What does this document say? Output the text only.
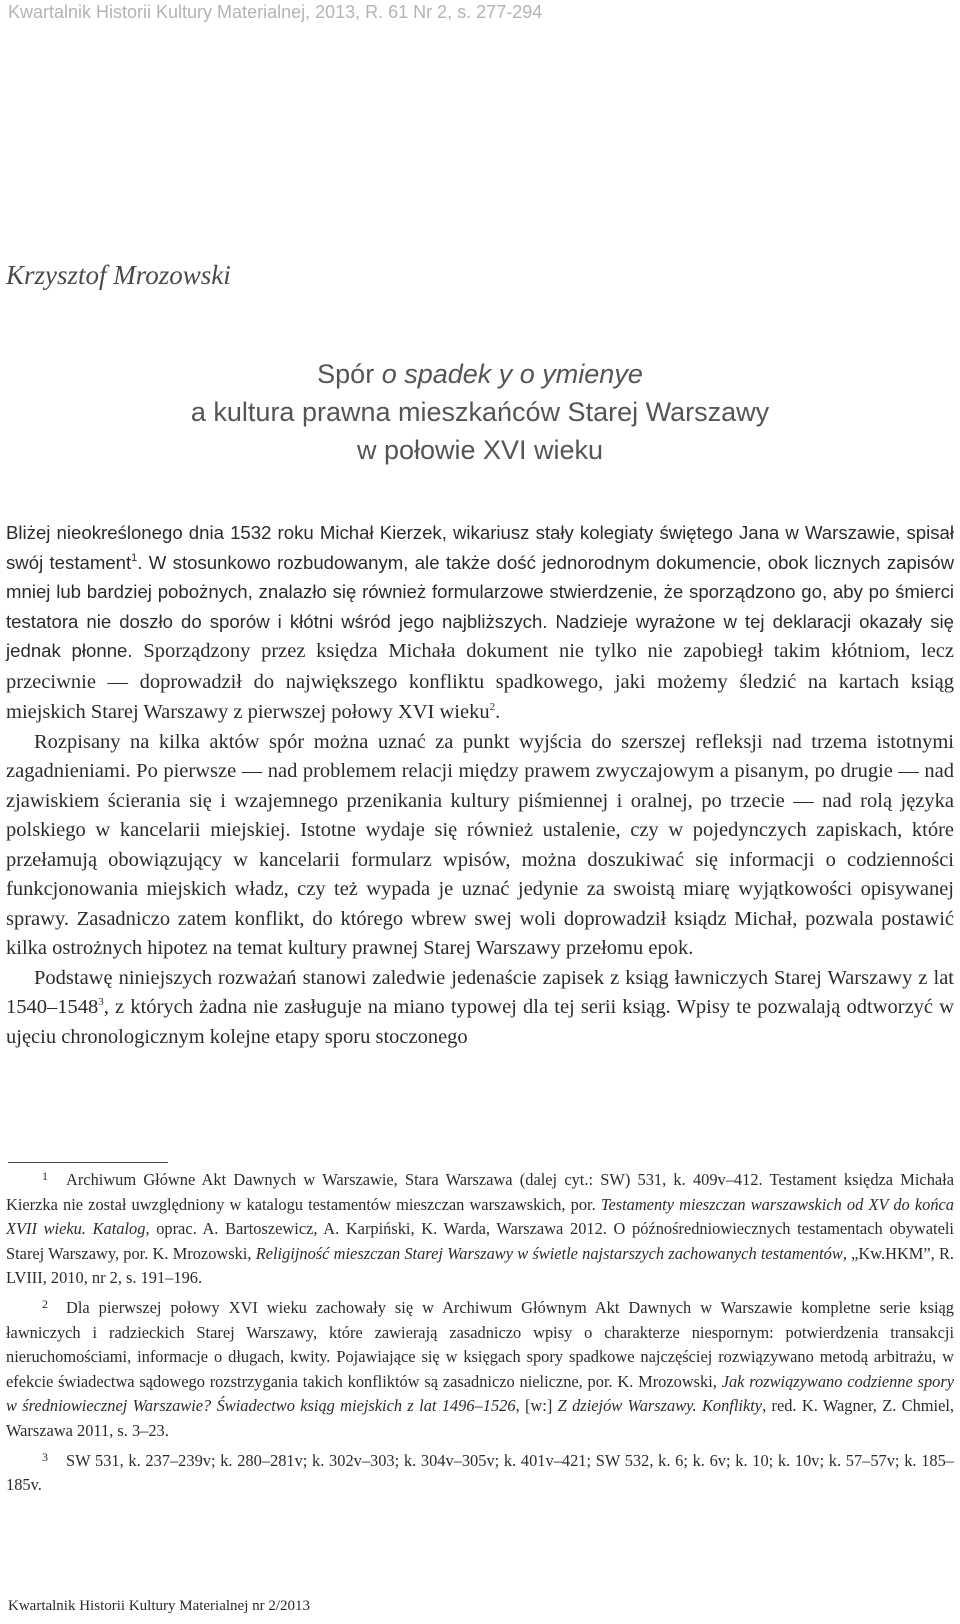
Kwartalnik Historii Kultury Materialnej, 2013, R. 61 Nr 2, s. 277-294
Krzysztof Mrozowski
Spór o spadek y o ymienye
a kultura prawna mieszkańców Starej Warszawy
w połowie XVI wieku

Bliżej nieokreślonego dnia 1532 roku Michał Kierzek, wikariusz stały kolegiaty świętego Jana w Warszawie, spisał swój testament$^1$. W stosunkowo rozbudowanym, ale także dość jednorodnym dokumencie, obok licznych zapisów mniej lub bardziej pobożnych, znalazło się również formularzowe stwierdzenie, że sporządzono go, aby po śmierci testatora nie doszło do sporów i kłótni wśród jego najbliższych. Nadzieje wyrażone w tej deklaracji okazały się jednak płonne. Sporządzony przez księdza Michała dokument nie tylko nie zapobiegł takim kłótniom, lecz przeciwnie — doprowadził do największego konfliktu spadkowego, jaki możemy śledzić na kartach ksiąg miejskich Starej Warszawy z pierwszej połowy XVI wieku$^2$.

Rozpisany na kilka aktów spór można uznać za punkt wyjścia do szerszej refleksji nad trzema istotnymi zagadnieniami. Po pierwsze — nad problemem relacji między prawem zwyczajowym a pisanym, po drugie — nad zjawiskiem ścierania się i wzajemnego przenikania kultury piśmiennej i oralnej, po trzecie — nad rolą języka polskiego w kancelarii miejskiej. Istotne wydaje się również ustalenie, czy w pojedynczych zapiskach, które przełamują obowiązujący w kancelarii formularz wpisów, można doszukiwać się informacji o codzienności funkcjonowania miejskich władz, czy też wypada je uznać jedynie za swoistą miarę wyjątkowości opisywanej sprawy. Zasadniczo zatem konflikt, do którego wbrew swej woli doprowadził ksiądz Michał, pozwala postawić kilka ostrożnych hipotez na temat kultury prawnej Starej Warszawy przełomu epok.

Podstawę niniejszych rozważań stanowi zaledwie jedenaście zapisek z ksiąg ławniczych Starej Warszawy z lat 1540–1548$^3$, z których żadna nie zasługuje na miano typowej dla tej serii ksiąg. Wpisy te pozwalają odtworzyć w ujęciu chronologicznym kolejne etapy sporu stoczonego

1 Archiwum Główne Akt Dawnych w Warszawie, Stara Warszawa (dalej cyt.: SW) 531, k. 409v–412. Testament księdza Michała Kierzka nie został uwzględniony w katalogu testamentów mieszczan warszawskich, por. Testamenty mieszczan warszawskich od XV do końca XVII wieku. Katalog, oprac. A. Bartoszewicz, A. Karpiński, K. Warda, Warszawa 2012. O późnośredniowiecznych testamentach obywateli Starej Warszawy, por. K. Mrozowski, Religijność mieszczan Starej Warszawy w świetle najstarszych zachowanych testamentów, „Kw.HKM”, R. LVIII, 2010, nr 2, s. 191–196.

2 Dla pierwszej połowy XVI wieku zachowały się w Archiwum Głównym Akt Dawnych w Warszawie kompletne serie ksiąg ławniczych i radzieckich Starej Warszawy, które zawierają zasadniczo wpisy o charakterze niespornym: potwierdzenia transakcji nieruchomościami, informacje o długach, kwity. Pojawiające się w księgach spory spadkowe najczęściej rozwiązywano metodą arbitrażu, w efekcie świadectwa sądowego rozstrzygania takich konfliktów są zasadniczo nieliczne, por. K. Mrozowski, Jak rozwiązywano codzienne spory w średniowiecznej Warszawie? Świadectwo ksiąg miejskich z lat 1496–1526, [w:] Z dziejów Warszawy. Konflikty, red. K. Wagner, Z. Chmiel, Warszawa 2011, s. 3–23.

3 SW 531, k. 237–239v; k. 280–281v; k. 302v–303; k. 304v–305v; k. 401v–421; SW 532, k. 6; k. 6v; k. 10; k. 10v; k. 57–57v; k. 185–185v.

Kwartalnik Historii Kultury Materialnej nr 2/2013
